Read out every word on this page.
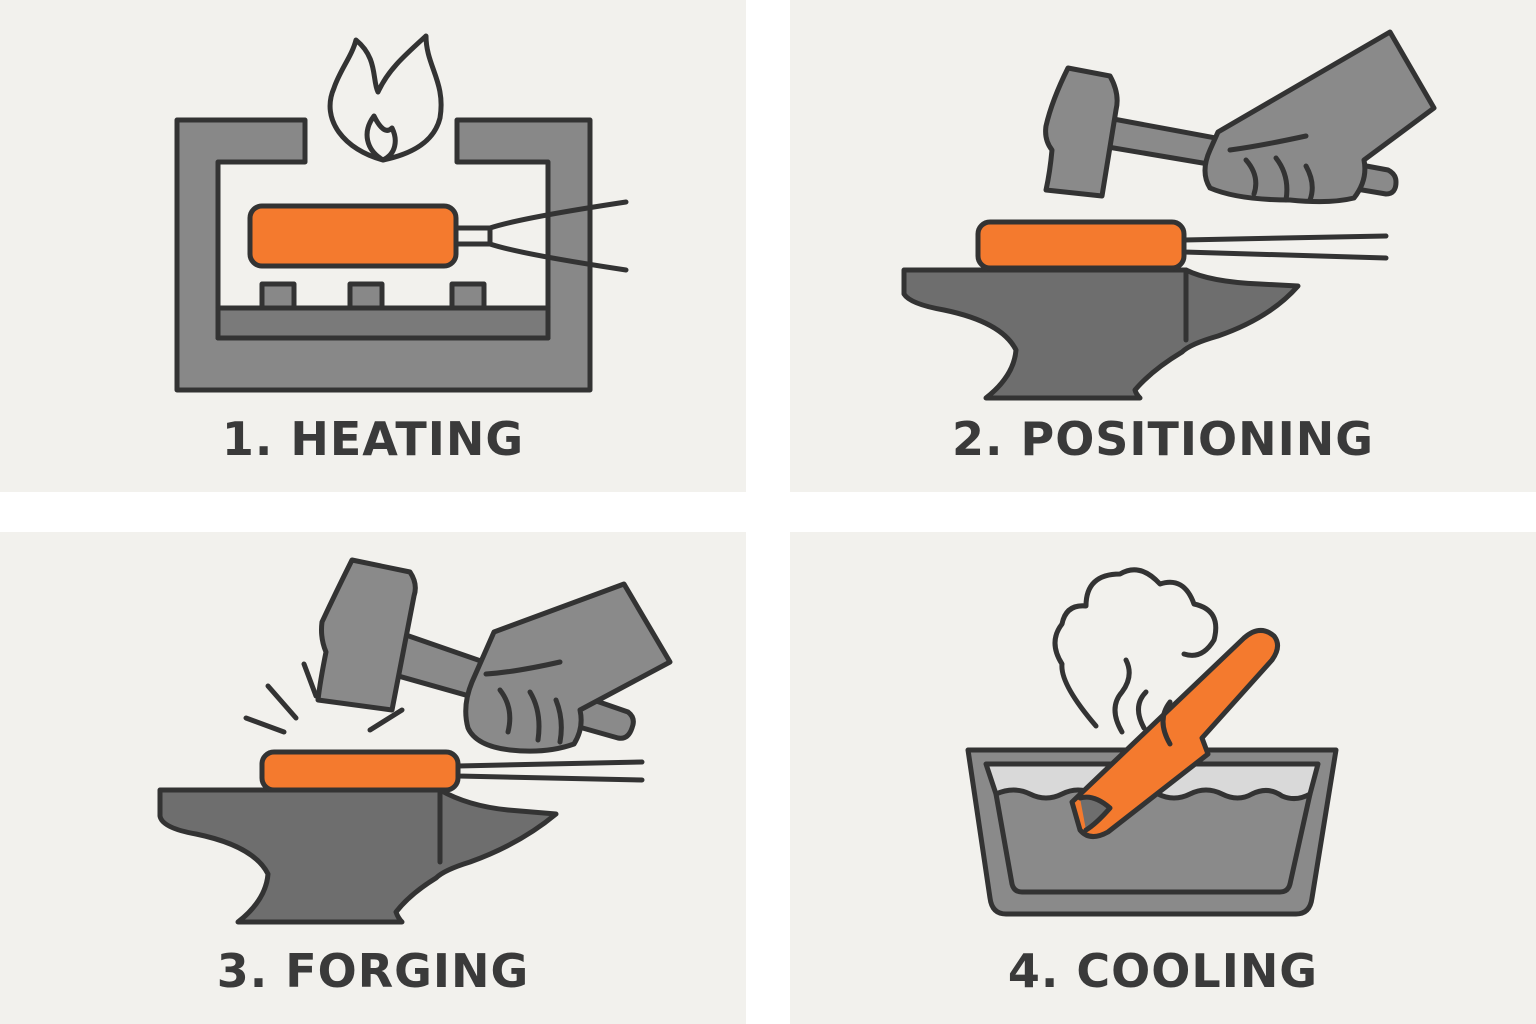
1. HEATING	2. POSITIONING
3. FORGING	4. COOLING
